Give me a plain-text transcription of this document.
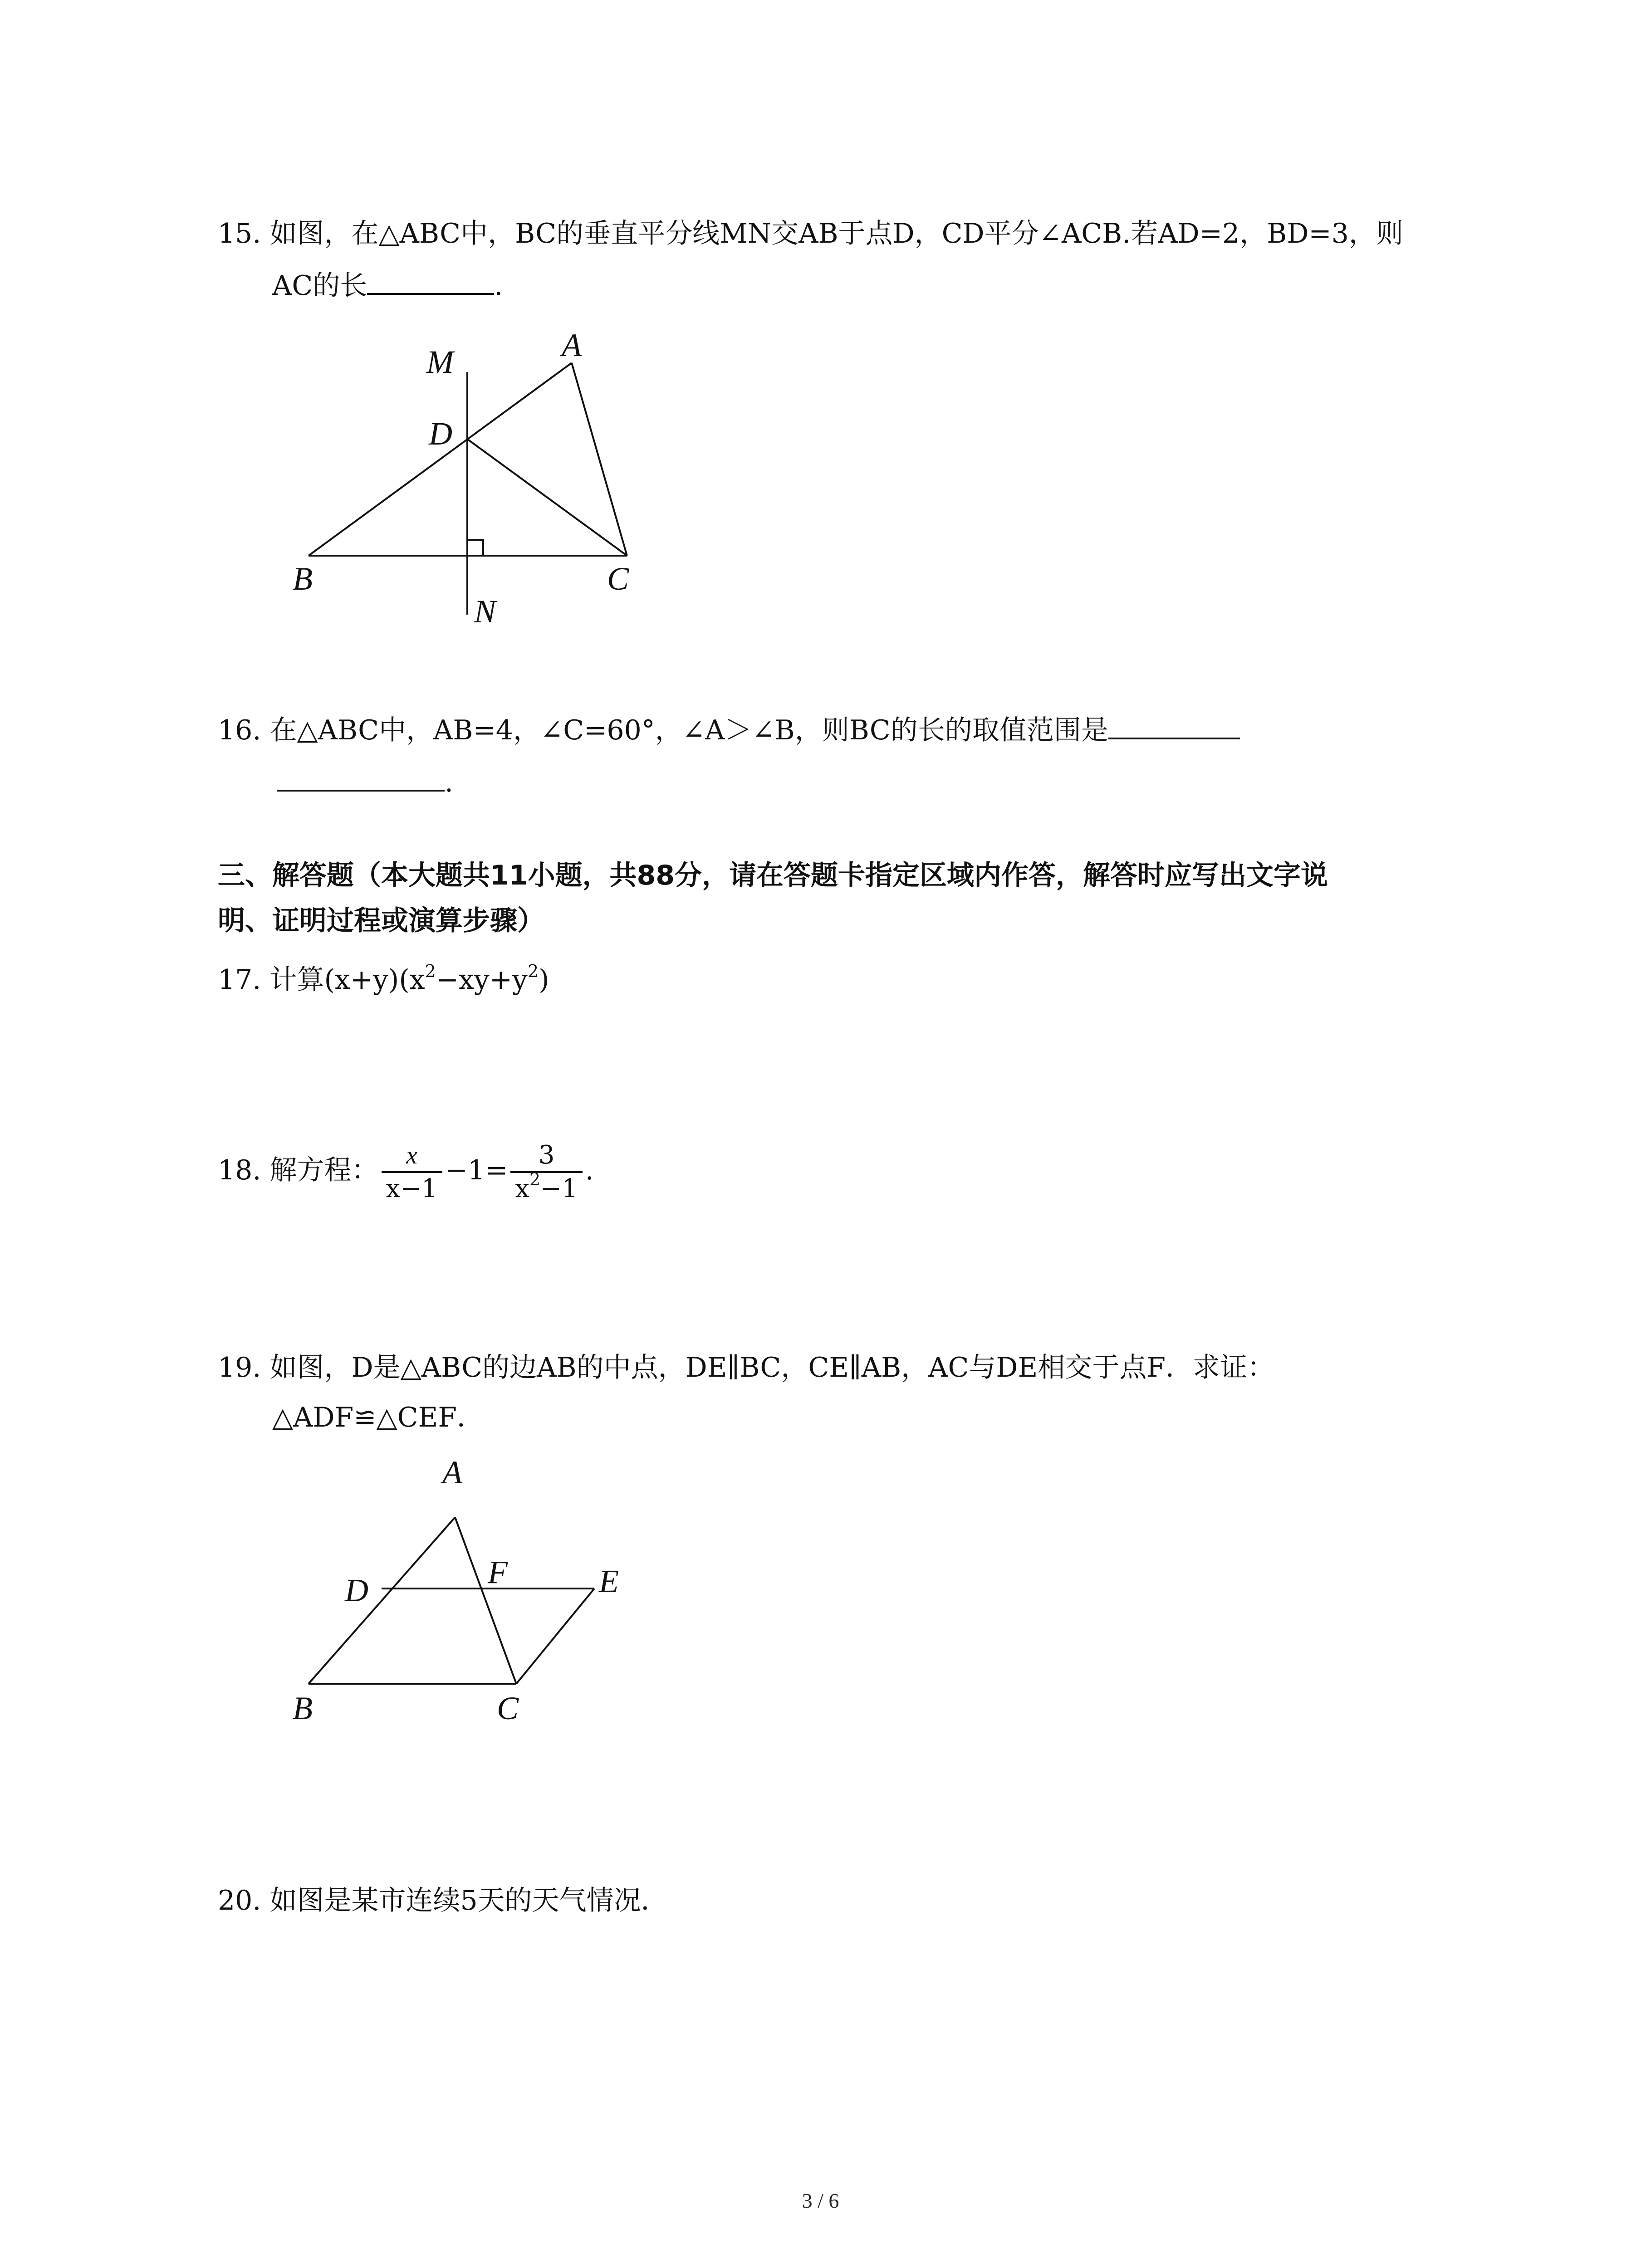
15. 如图，在△ABC中，BC的垂直平分线MN交AB于点D，CD平分∠ACB.若AD=2，BD=3，则
AC的长	.
M	A
D
B	C
N
16. 在△ABC中，AB=4，∠C=60°，∠A＞∠B，则BC的长的取值范围是
.
三、解答题（本大题共11小题，共88分，请在答题卡指定区域内作答，解答时应写出文字说
明、证明过程或演算步骤）
17. 计算$(x+y)(x^2-xy+y^2)$
18. 解方程： $\frac{x}{x-1} -1= \frac{3}{x^2-1}$ .
19. 如图，D是△ABC的边AB的中点，DE∥BC，CE∥AB，AC与DE相交于点F．求证：
△ADF≌△CEF．
A
D	F	E
B	C
20. 如图是某市连续5天的天气情况．
3 / 6
